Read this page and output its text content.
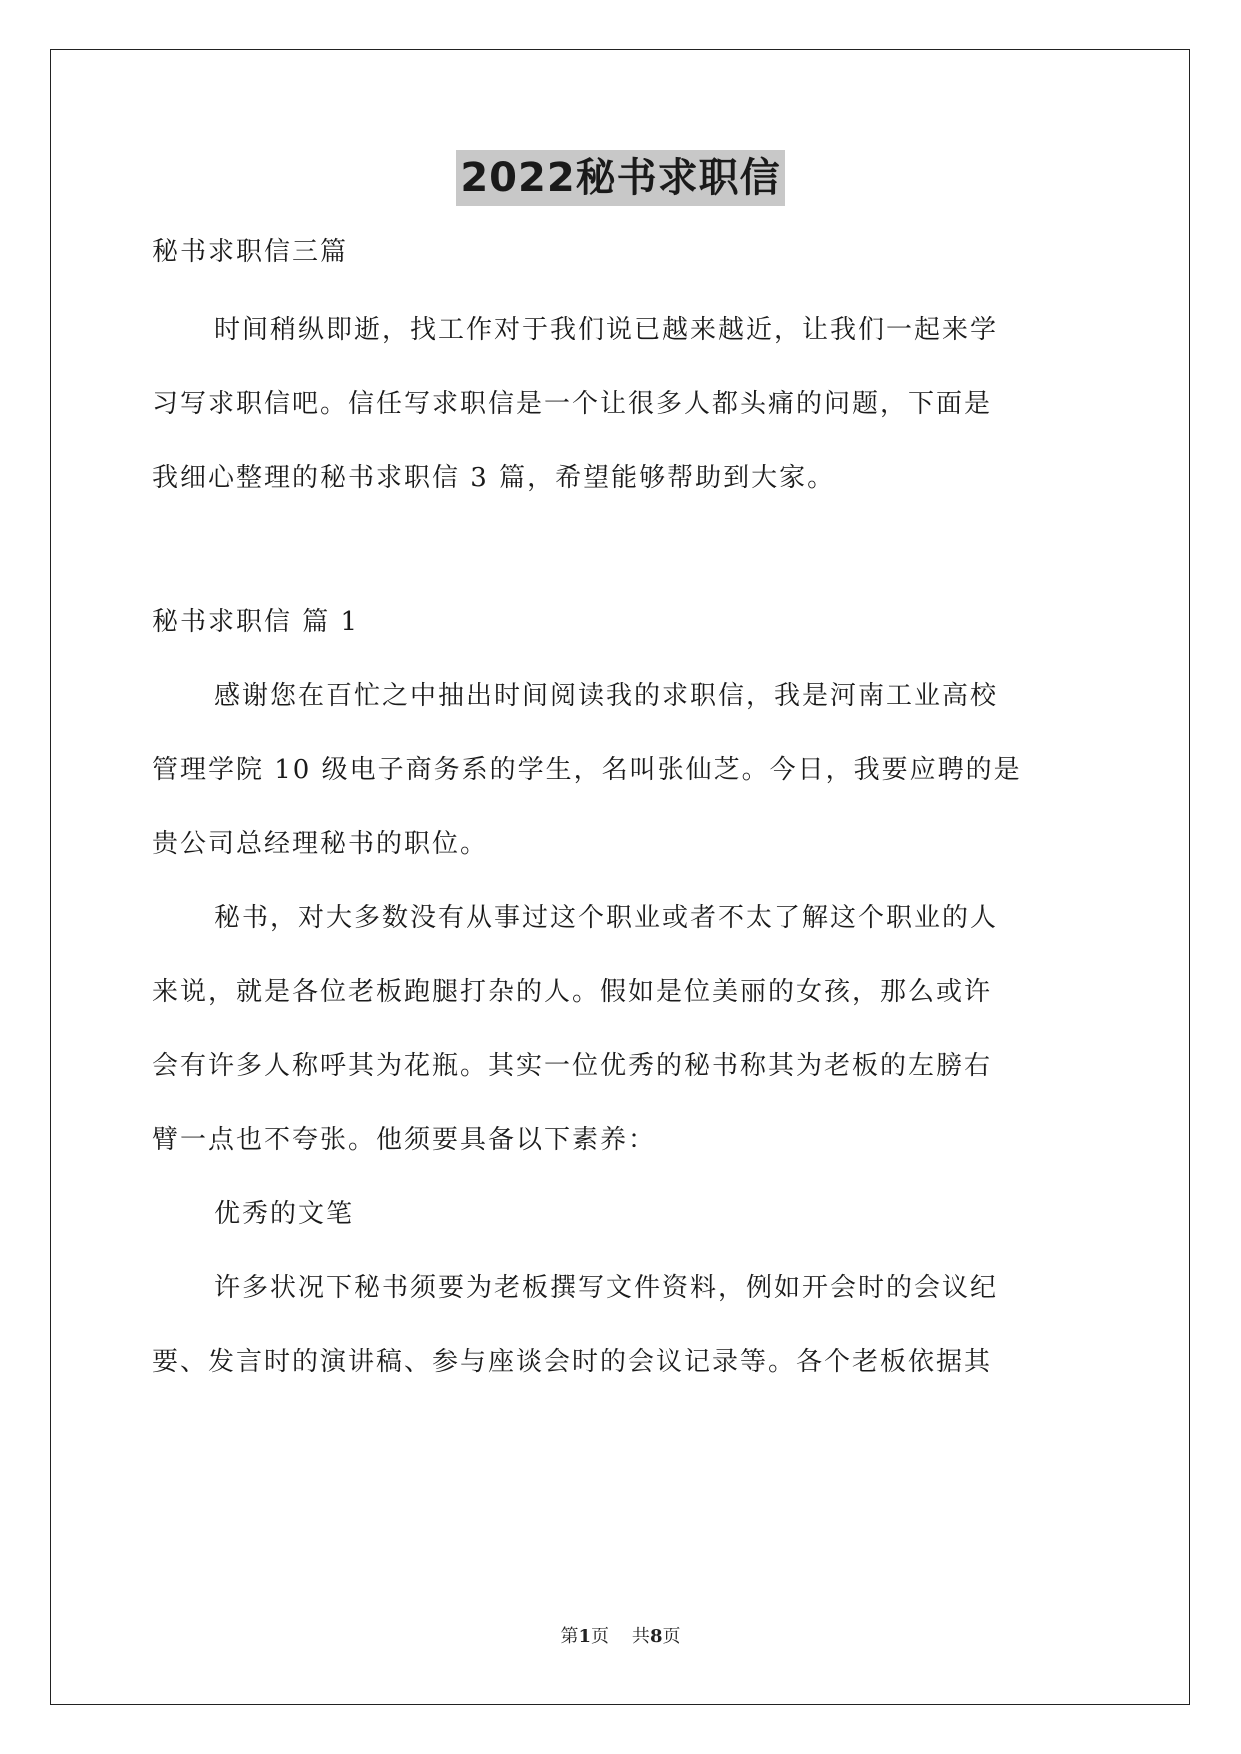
2022秘书求职信
秘书求职信三篇
时间稍纵即逝，找工作对于我们说已越来越近，让我们一起来学
习写求职信吧。信任写求职信是一个让很多人都头痛的问题，下面是
我细心整理的秘书求职信 3 篇，希望能够帮助到大家。
秘书求职信 篇 1
感谢您在百忙之中抽出时间阅读我的求职信，我是河南工业高校
管理学院 10 级电子商务系的学生，名叫张仙芝。今日，我要应聘的是
贵公司总经理秘书的职位。
秘书，对大多数没有从事过这个职业或者不太了解这个职业的人
来说，就是各位老板跑腿打杂的人。假如是位美丽的女孩，那么或许
会有许多人称呼其为花瓶。其实一位优秀的秘书称其为老板的左膀右
臂一点也不夸张。他须要具备以下素养：
优秀的文笔
许多状况下秘书须要为老板撰写文件资料，例如开会时的会议纪
要、发言时的演讲稿、参与座谈会时的会议记录等。各个老板依据其
第1页    共8页
